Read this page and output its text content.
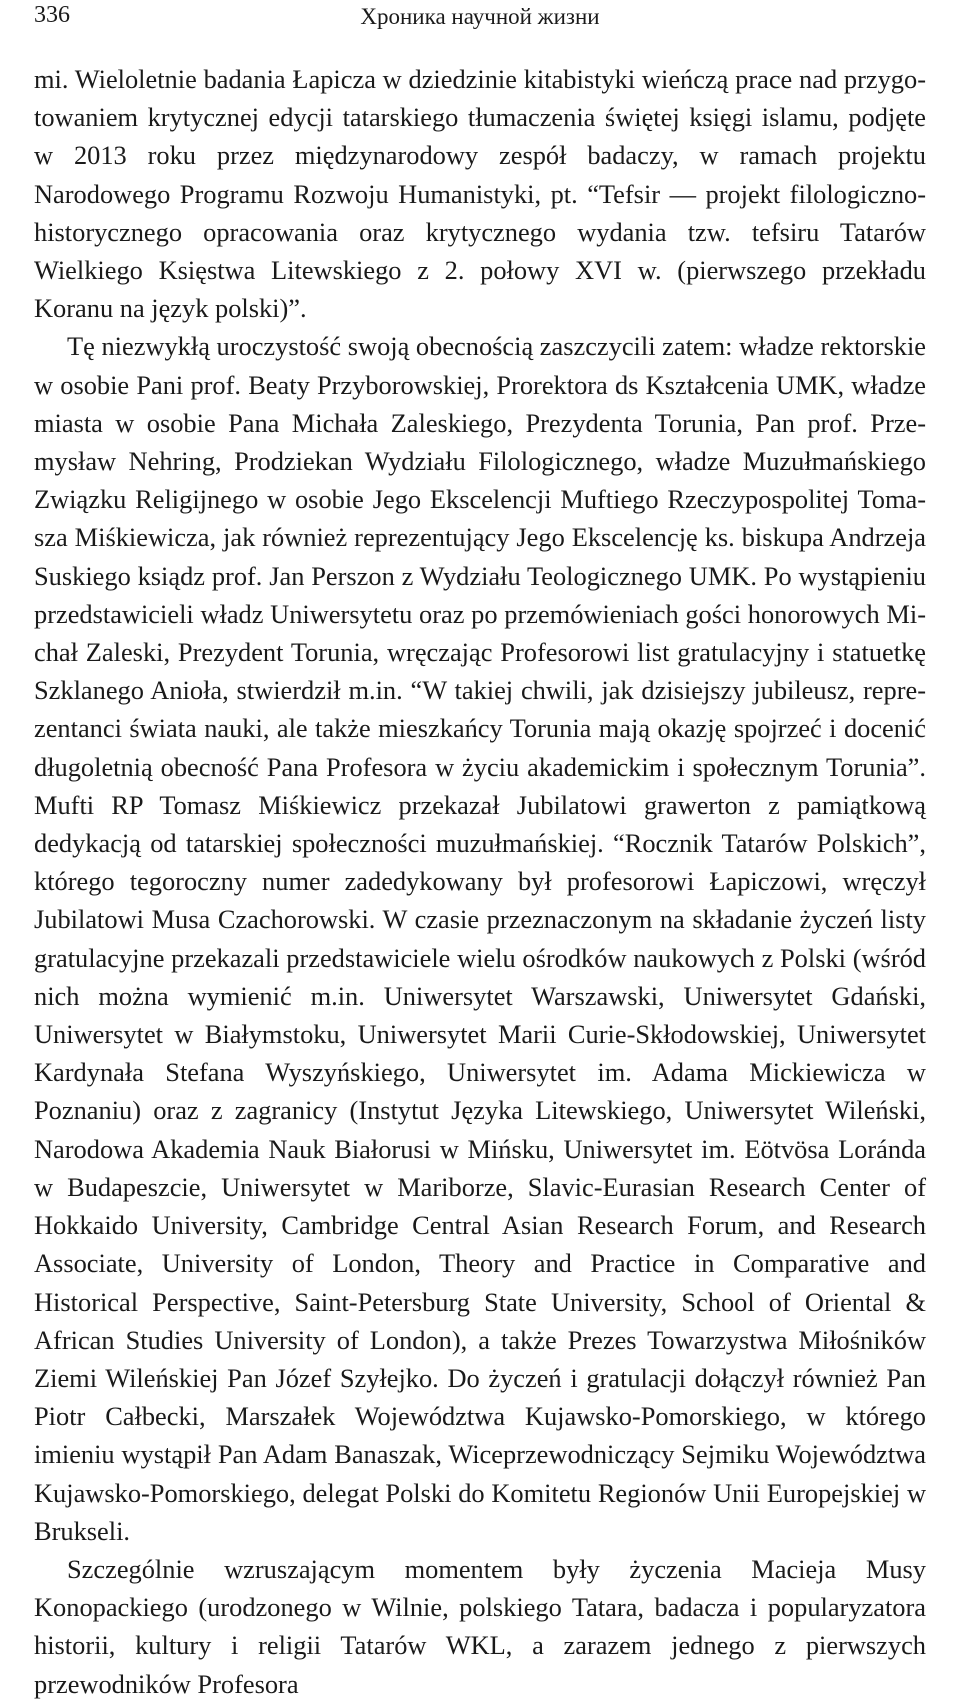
336	Хроника научной жизни

mi. Wieloletnie badania Łapicza w dziedzinie kitabistyki wieńczą prace nad przygotowaniem krytycznej edycji tatarskiego tłumaczenia świętej księgi islamu, podjęte w 2013 roku przez międzynarodowy zespół badaczy, w ramach projektu Narodowego Programu Rozwoju Humanistyki, pt. “Tefsir — projekt filologiczno-historycznego opracowania oraz krytycznego wydania tzw. tefsiru Tatarów Wielkiego Księstwa Litewskiego z 2. połowy XVI w. (pierwszego przekładu Koranu na język polski)”.

Tę niezwykłą uroczystość swoją obecnością zaszczycili zatem: władze rektorskie w osobie Pani prof. Beaty Przyborowskiej, Prorektora ds Kształcenia UMK, władze miasta w osobie Pana Michała Zaleskiego, Prezydenta Torunia, Pan prof. Przemysław Nehring, Prodziekan Wydziału Filologicznego, władze Muzułmańskiego Związku Religijnego w osobie Jego Ekscelencji Muftiego Rzeczypospolitej Tomasza Miśkiewicza, jak również reprezentujący Jego Ekscelencję ks. biskupa Andrzeja Suskiego ksiądz prof. Jan Perszon z Wydziału Teologicznego UMK. Po wystąpieniu przedstawicieli władz Uniwersytetu oraz po przemówieniach gości honorowych Michał Zaleski, Prezydent Torunia, wręczając Profesorowi list gratulacyjny i statuetkę Szklanego Anioła, stwierdził m.in. “W takiej chwili, jak dzisiejszy jubileusz, reprezentanci świata nauki, ale także mieszkańcy Torunia mają okazję spojrzeć i docenić długoletnią obecność Pana Profesora w życiu akademickim i społecznym Torunia”. Mufti RP Tomasz Miśkiewicz przekazał Jubilatowi grawerton z pamiątkową dedykacją od tatarskiej społeczności muzułmańskiej. “Rocznik Tatarów Polskich”, którego tegoroczny numer zadedykowany był profesorowi Łapiczowi, wręczył Jubilatowi Musa Czachorowski. W czasie przeznaczonym na składanie życzeń listy gratulacyjne przekazali przedstawiciele wielu ośrodków naukowych z Polski (wśród nich można wymienić m.in. Uniwersytet Warszawski, Uniwersytet Gdański, Uniwersytet w Białymstoku, Uniwersytet Marii Curie-Skłodowskiej, Uniwersytet Kardynała Stefana Wyszyńskiego, Uniwersytet im. Adama Mickiewicza w Poznaniu) oraz z zagranicy (Instytut Języka Litewskiego, Uniwersytet Wileński, Narodowa Akademia Nauk Białorusi w Mińsku, Uniwersytet im. Eötvösa Loránda w Budapeszcie, Uniwersytet w Mariborze, Slavic-Eurasian Research Center of Hokkaido University, Cambridge Central Asian Research Forum, and Research Associate, University of London, Theory and Practice in Comparative and Historical Perspective, Saint-Petersburg State University, School of Oriental & African Studies University of London), a także Prezes Towarzystwa Miłośników Ziemi Wileńskiej Pan Józef Szyłejko. Do życzeń i gratulacji dołączył również Pan Piotr Całbecki, Marszałek Województwa Kujawsko-Pomorskiego, w którego imieniu wystąpił Pan Adam Banaszak, Wiceprzewodniczący Sejmiku Województwa Kujawsko-Pomorskiego, delegat Polski do Komitetu Regionów Unii Europejskiej w Brukseli.

Szczególnie wzruszającym momentem były życzenia Macieja Musy Konopackiego (urodzonego w Wilnie, polskiego Tatara, badacza i popularyzatora historii, kultury i religii Tatarów WKL, a zarazem jednego z pierwszych przewodników Profesora
